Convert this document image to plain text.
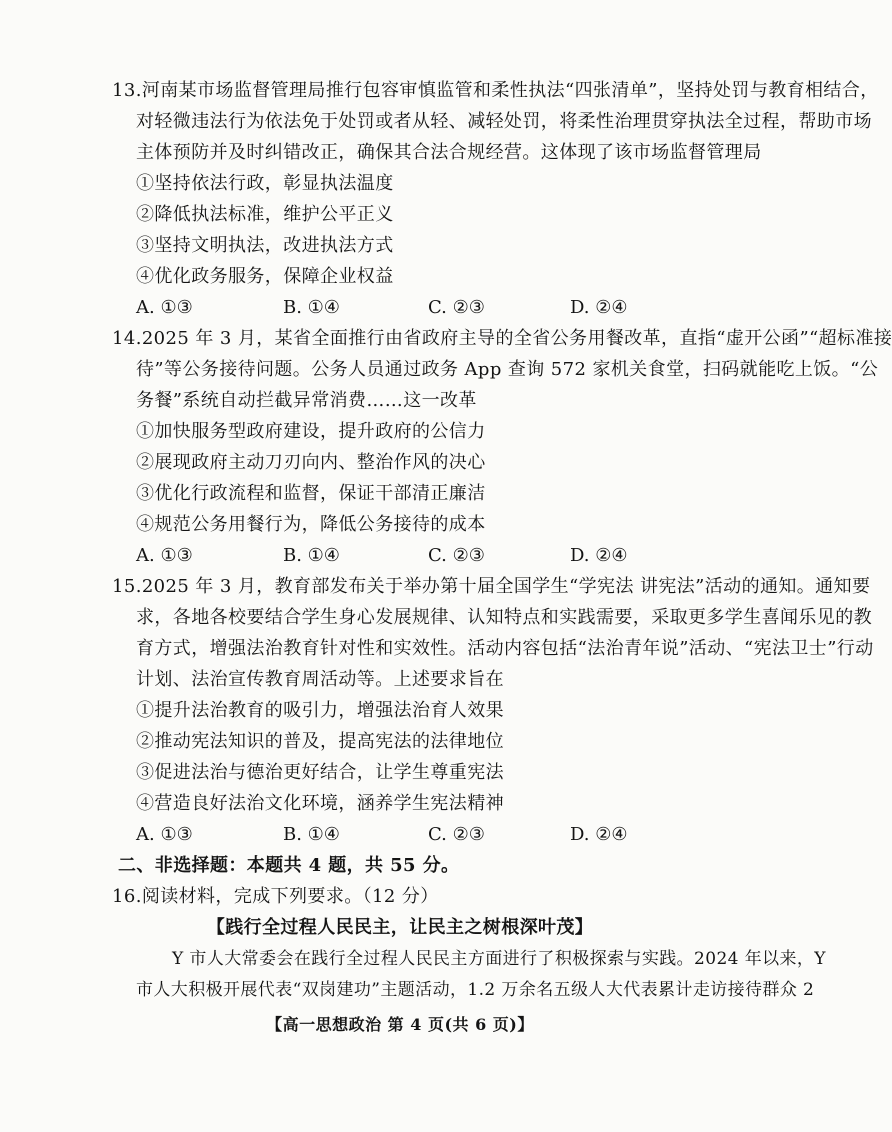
13.河南某市场监督管理局推行包容审慎监管和柔性执法“四张清单”，坚持处罚与教育相结合，
对轻微违法行为依法免于处罚或者从轻、减轻处罚，将柔性治理贯穿执法全过程，帮助市场
主体预防并及时纠错改正，确保其合法合规经营。这体现了该市场监督管理局
①坚持依法行政，彰显执法温度
②降低执法标准，维护公平正义
③坚持文明执法，改进执法方式
④优化政务服务，保障企业权益
A. ①③	B. ①④	C. ②③	D. ②④
14.2025 年 3 月，某省全面推行由省政府主导的全省公务用餐改革，直指“虚开公函”“超标准接
待”等公务接待问题。公务人员通过政务 App 查询 572 家机关食堂，扫码就能吃上饭。“公
务餐”系统自动拦截异常消费……这一改革
①加快服务型政府建设，提升政府的公信力
②展现政府主动刀刃向内、整治作风的决心
③优化行政流程和监督，保证干部清正廉洁
④规范公务用餐行为，降低公务接待的成本
A. ①③	B. ①④	C. ②③	D. ②④
15.2025 年 3 月，教育部发布关于举办第十届全国学生“学宪法 讲宪法”活动的通知。通知要
求，各地各校要结合学生身心发展规律、认知特点和实践需要，采取更多学生喜闻乐见的教
育方式，增强法治教育针对性和实效性。活动内容包括“法治青年说”活动、“宪法卫士”行动
计划、法治宣传教育周活动等。上述要求旨在
①提升法治教育的吸引力，增强法治育人效果
②推动宪法知识的普及，提高宪法的法律地位
③促进法治与德治更好结合，让学生尊重宪法
④营造良好法治文化环境，涵养学生宪法精神
A. ①③	B. ①④	C. ②③	D. ②④
二、非选择题：本题共 4 题，共 55 分。
16.阅读材料，完成下列要求。（12 分）
【践行全过程人民民主，让民主之树根深叶茂】
Y 市人大常委会在践行全过程人民民主方面进行了积极探索与实践。2024 年以来，Y
市人大积极开展代表“双岗建功”主题活动，1.2 万余名五级人大代表累计走访接待群众 2
【高一思想政治 第 4 页(共 6 页)】
